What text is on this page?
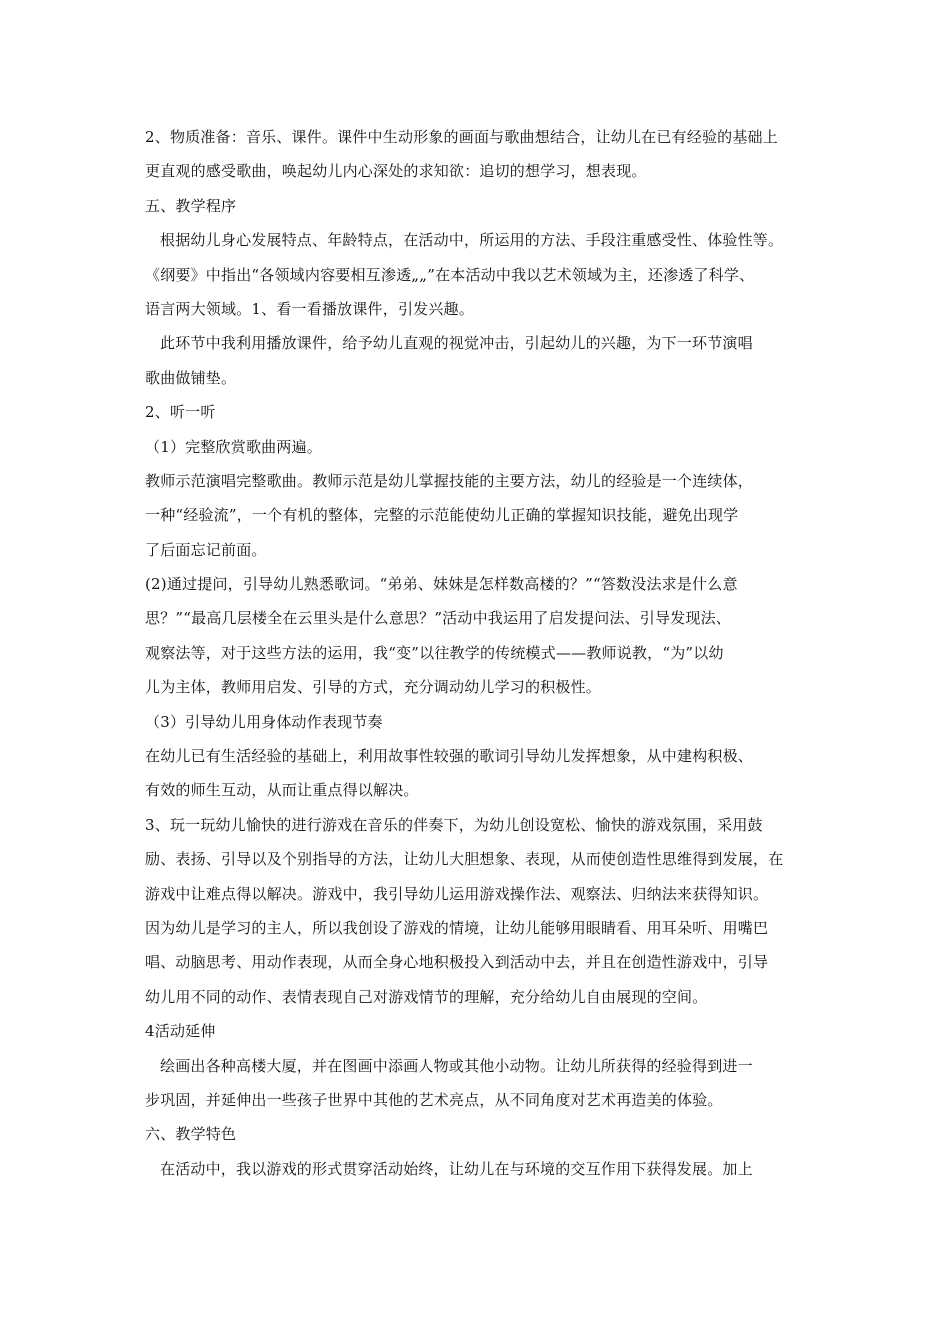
2、物质准备：音乐、课件。课件中生动形象的画面与歌曲想结合，让幼儿在已有经验的基础上
更直观的感受歌曲，唤起幼儿内心深处的求知欲：追切的想学习，想表现。
五、教学程序
根据幼儿身心发展特点、年龄特点，在活动中，所运用的方法、手段注重感受性、体验性等。
《纲要》中指出“各领域内容要相互渗透„„”在本活动中我以艺术领域为主，还渗透了科学、
语言两大领域。1、看一看播放课件，引发兴趣。
此环节中我利用播放课件，给予幼儿直观的视觉冲击，引起幼儿的兴趣，为下一环节演唱
歌曲做铺垫。
2、听一听
（1）完整欣赏歌曲两遍。
教师示范演唱完整歌曲。教师示范是幼儿掌握技能的主要方法，幼儿的经验是一个连续体，
一种“经验流”，一个有机的整体，完整的示范能使幼儿正确的掌握知识技能，避免出现学
了后面忘记前面。
(2)通过提问，引导幼儿熟悉歌词。“弟弟、妹妹是怎样数高楼的？”“答数没法求是什么意
思？”“最高几层楼全在云里头是什么意思？”活动中我运用了启发提问法、引导发现法、
观察法等，对于这些方法的运用，我“变”以往教学的传统模式——教师说教，“为”以幼
儿为主体，教师用启发、引导的方式，充分调动幼儿学习的积极性。
（3）引导幼儿用身体动作表现节奏
在幼儿已有生活经验的基础上，利用故事性较强的歌词引导幼儿发挥想象，从中建构积极、
有效的师生互动，从而让重点得以解决。
3、玩一玩幼儿愉快的进行游戏在音乐的伴奏下，为幼儿创设宽松、愉快的游戏氛围，采用鼓
励、表扬、引导以及个别指导的方法，让幼儿大胆想象、表现，从而使创造性思维得到发展，在
游戏中让难点得以解决。游戏中，我引导幼儿运用游戏操作法、观察法、归纳法来获得知识。
因为幼儿是学习的主人，所以我创设了游戏的情境，让幼儿能够用眼睛看、用耳朵听、用嘴巴
唱、动脑思考、用动作表现，从而全身心地积极投入到活动中去，并且在创造性游戏中，引导
幼儿用不同的动作、表情表现自己对游戏情节的理解，充分给幼儿自由展现的空间。
4活动延伸
绘画出各种高楼大厦，并在图画中添画人物或其他小动物。让幼儿所获得的经验得到进一
步巩固，并延伸出一些孩子世界中其他的艺术亮点，从不同角度对艺术再造美的体验。
六、教学特色
在活动中，我以游戏的形式贯穿活动始终，让幼儿在与环境的交互作用下获得发展。加上
